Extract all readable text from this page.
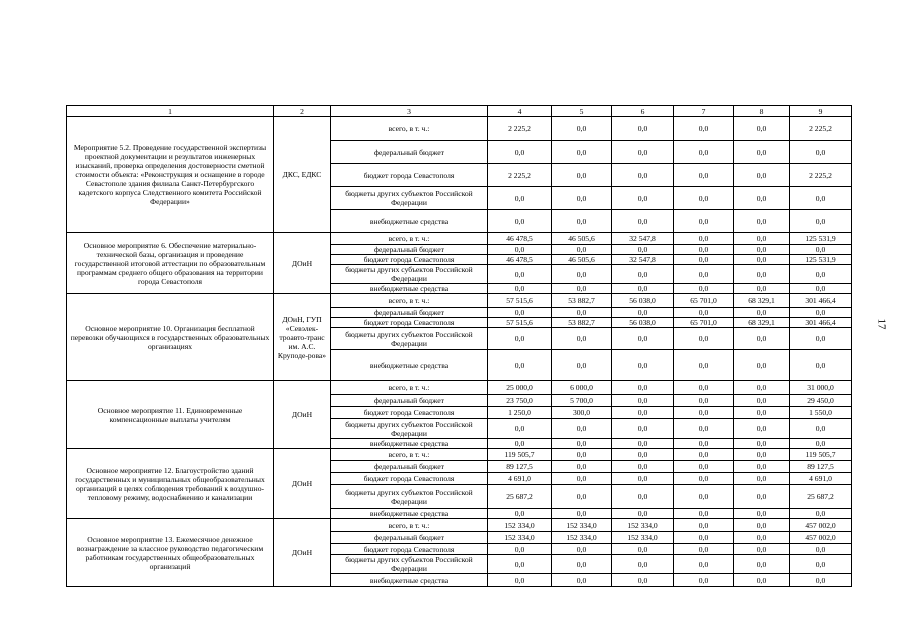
1	2	3	4	5	6	7	8	9
Мероприятие 5.2. Проведение государственной экспертизы проектной документации и результатов инженерных изысканий, проверка определения достоверности сметной стоимости объекта: «Реконструкция и оснащение в городе Севастополе здания филиала Санкт-Петербургского кадетского корпуса Следственного комитета Российской Федерации»	ДКС, ЕДКС	всего, в т. ч.:	2 225,2	0,0	0,0	0,0	0,0	2 225,2
		федеральный бюджет	0,0	0,0	0,0	0,0	0,0	0,0
		бюджет города Севастополя	2 225,2	0,0	0,0	0,0	0,0	2 225,2
		бюджеты других субъектов Российской Федерации	0,0	0,0	0,0	0,0	0,0	0,0
		внебюджетные средства	0,0	0,0	0,0	0,0	0,0	0,0
Основное мероприятие 6. Обеспечение материально-технической базы, организация и проведение государственной итоговой аттестации по образовательным программам среднего общего образования на территории города Севастополя	ДОиН	всего, в т. ч.:	46 478,5	46 505,6	32 547,8	0,0	0,0	125 531,9
		федеральный бюджет	0,0	0,0	0,0	0,0	0,0	0,0
		бюджет города Севастополя	46 478,5	46 505,6	32 547,8	0,0	0,0	125 531,9
		бюджеты других субъектов Российской Федерации	0,0	0,0	0,0	0,0	0,0	0,0
		внебюджетные средства	0,0	0,0	0,0	0,0	0,0	0,0
Основное мероприятие 10. Организация бесплатной перевозки обучающихся в государственных образовательных организациях	ДОиН, ГУП «Севэлек-троавто-транс им. А.С. Круподе-рова»	всего, в т. ч.:	57 515,6	53 882,7	56 038,0	65 701,0	68 329,1	301 466,4
		федеральный бюджет	0,0	0,0	0,0	0,0	0,0	0,0
		бюджет города Севастополя	57 515,6	53 882,7	56 038,0	65 701,0	68 329,1	301 466,4
		бюджеты других субъектов Российской Федерации	0,0	0,0	0,0	0,0	0,0	0,0
		внебюджетные средства	0,0	0,0	0,0	0,0	0,0	0,0
Основное мероприятие 11. Единовременные компенсационные выплаты учителям	ДОиН	всего, в т. ч.:	25 000,0	6 000,0	0,0	0,0	0,0	31 000,0
		федеральный бюджет	23 750,0	5 700,0	0,0	0,0	0,0	29 450,0
		бюджет города Севастополя	1 250,0	300,0	0,0	0,0	0,0	1 550,0
		бюджеты других субъектов Российской Федерации	0,0	0,0	0,0	0,0	0,0	0,0
		внебюджетные средства	0,0	0,0	0,0	0,0	0,0	0,0
Основное мероприятие 12. Благоустройство зданий государственных и муниципальных общеобразовательных организаций в целях соблюдения требований к воздушно-тепловому режиму, водоснабжению и канализации	ДОиН	всего, в т. ч.:	119 505,7	0,0	0,0	0,0	0,0	119 505,7
		федеральный бюджет	89 127,5	0,0	0,0	0,0	0,0	89 127,5
		бюджет города Севастополя	4 691,0	0,0	0,0	0,0	0,0	4 691,0
		бюджеты других субъектов Российской Федерации	25 687,2	0,0	0,0	0,0	0,0	25 687,2
		внебюджетные средства	0,0	0,0	0,0	0,0	0,0	0,0
Основное мероприятие 13. Ежемесячное денежное вознаграждение за классное руководство педагогическим работникам государственных общеобразовательных организаций	ДОиН	всего, в т. ч.:	152 334,0	152 334,0	152 334,0	0,0	0,0	457 002,0
		федеральный бюджет	152 334,0	152 334,0	152 334,0	0,0	0,0	457 002,0
		бюджет города Севастополя	0,0	0,0	0,0	0,0	0,0	0,0
		бюджеты других субъектов Российской Федерации	0,0	0,0	0,0	0,0	0,0	0,0
		внебюджетные средства	0,0	0,0	0,0	0,0	0,0	0,0
17
